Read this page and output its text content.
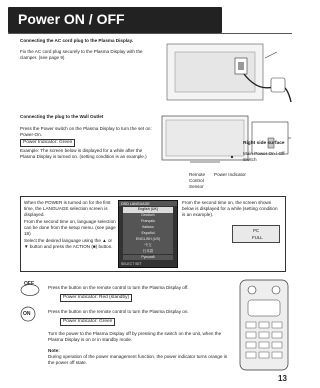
Power ON / OFF
Connecting the AC cord plug to the Plasma Display.
Fix the AC cord plug securely to the Plasma Display with the clamper. (see page 9)
Connecting the plug to the Wall Outlet
Press the Power switch on the Plasma Display to turn the set on: Power-On.
Power Indicator: Green
Example: The screen below is displayed for a while after the Plasma Display is turned on. (setting condition is an example.)
Right side surface
Main Power On / Off Switch
Remote Control Sensor
Power Indicator
When the POWER is turned on for the first time, the LANGUAGE selection screen is displayed.
From the second time on, language selection can be done from the setup menu. (see page 18)
Select the desired language using the ▲ or ▼ button and press the ACTION (■) button.
OSD LANGUAGE
English (UK)
Deutsch
Français
Italiano
Español
ENGLISH (US)
中文
日本語
Русский
SELECT SET
From the second time on, the screen shown below is displayed for a while (setting condition is an example).
PC
FULL
OFF
Press the button on the remote control to turn the Plasma Display off.
Power Indicator: Red (standby)
ON	Press the button on the remote control to turn the Plasma Display on.
Power Indicator: Green
Turn the power to the Plasma Display off by pressing the switch on the unit, when the Plasma Display is on or in standby mode.
Note:
During operation of the power management function, the power indicator turns orange in the power off state.
13
